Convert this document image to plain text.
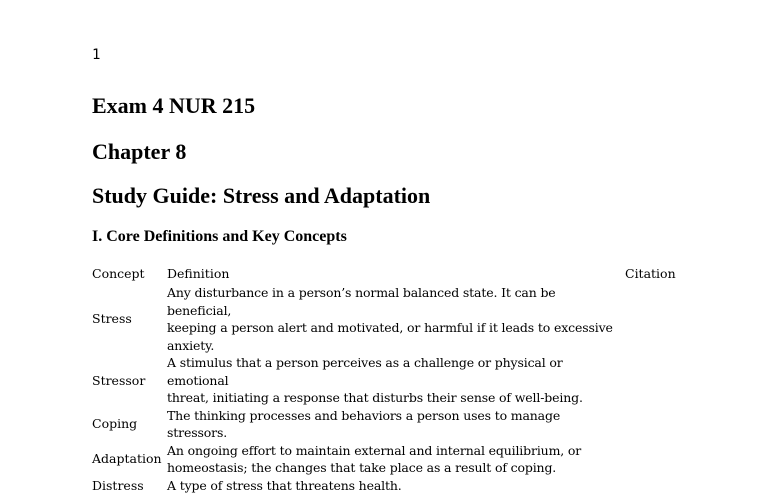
1
Exam 4 NUR 215
Chapter 8
Study Guide: Stress and Adaptation
I. Core Definitions and Key Concepts
Concept	Definition	Citation
Stress	Any disturbance in a person’s normal balanced state. It can be beneficial,
keeping a person alert and motivated, or harmful if it leads to excessive
anxiety.	

Stressor	A stimulus that a person perceives as a challenge or physical or emotional
threat, initiating a response that disturbs their sense of well-being.	

Coping	The thinking processes and behaviors a person uses to manage stressors.	

Adaptation	An ongoing effort to maintain external and internal equilibrium, or
homeostasis; the changes that take place as a result of coping.	

Distress	A type of stress that threatens health.	
